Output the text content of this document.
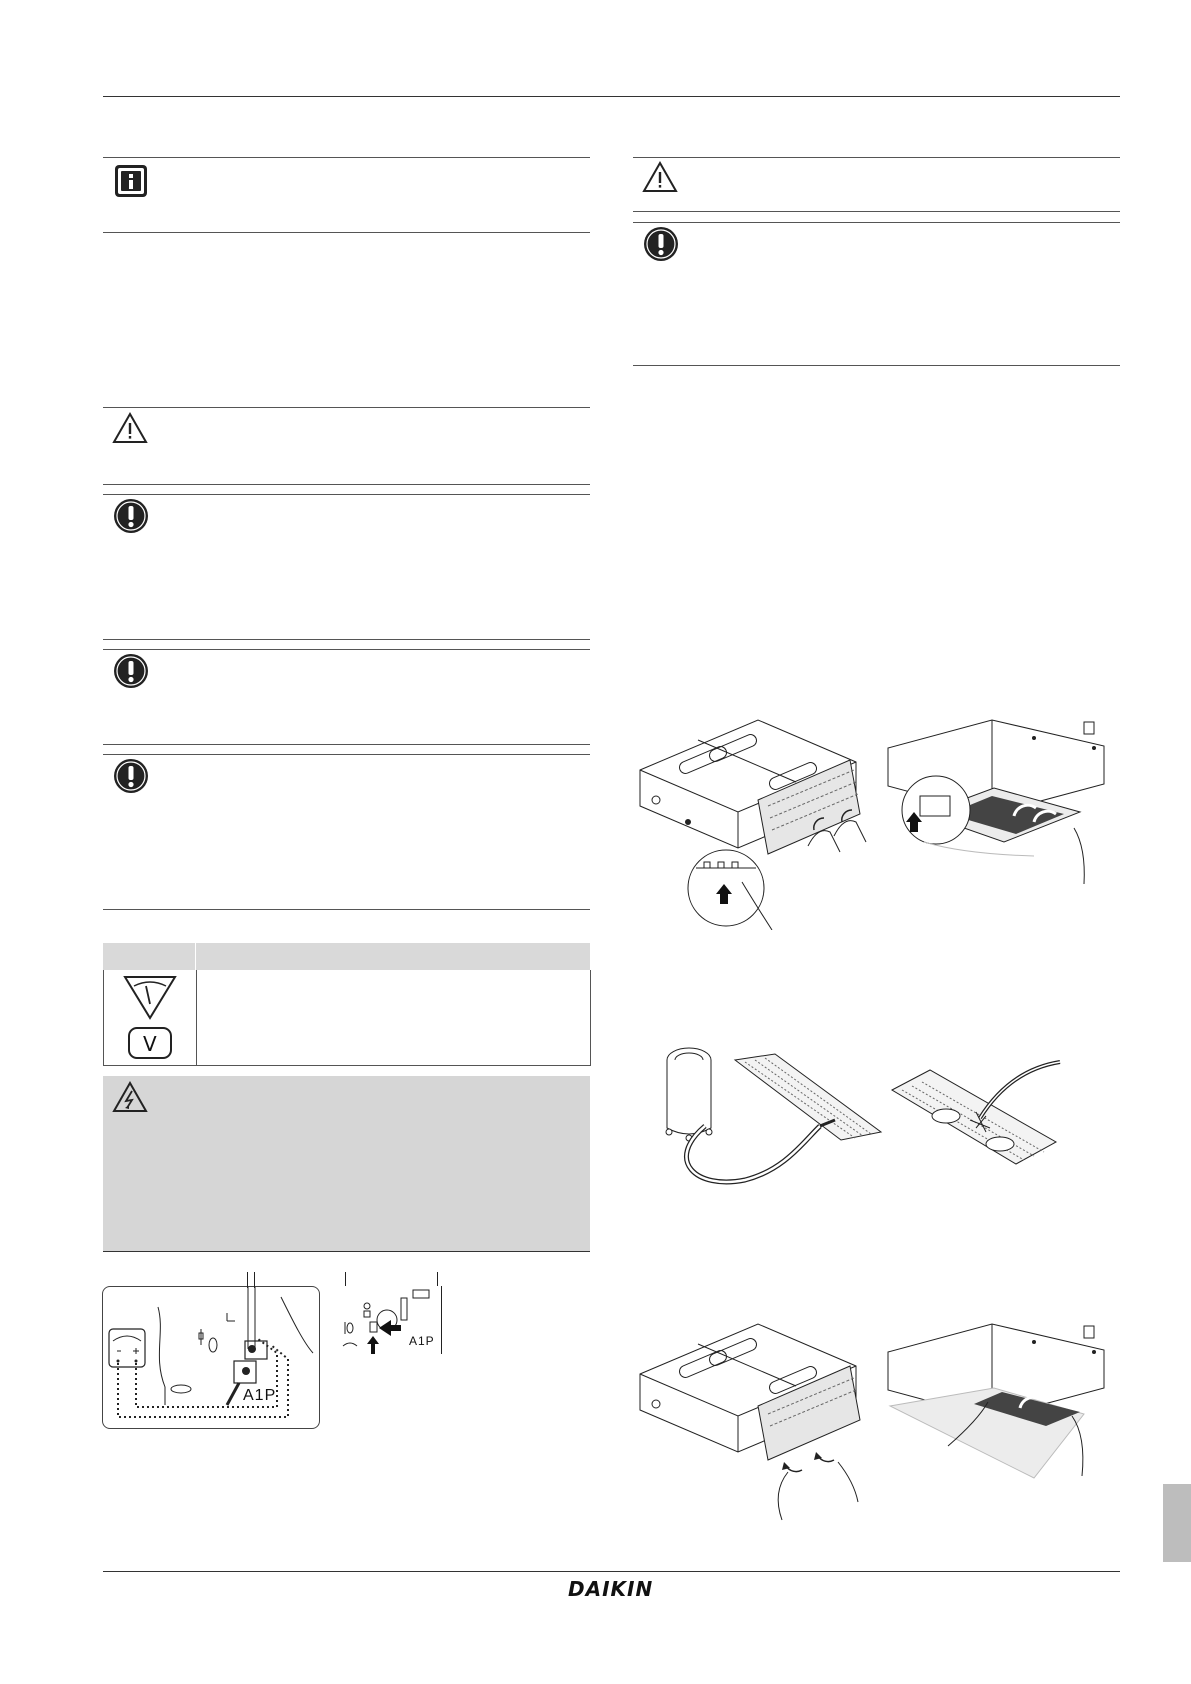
V
A1P
A1P
DAIKIN
